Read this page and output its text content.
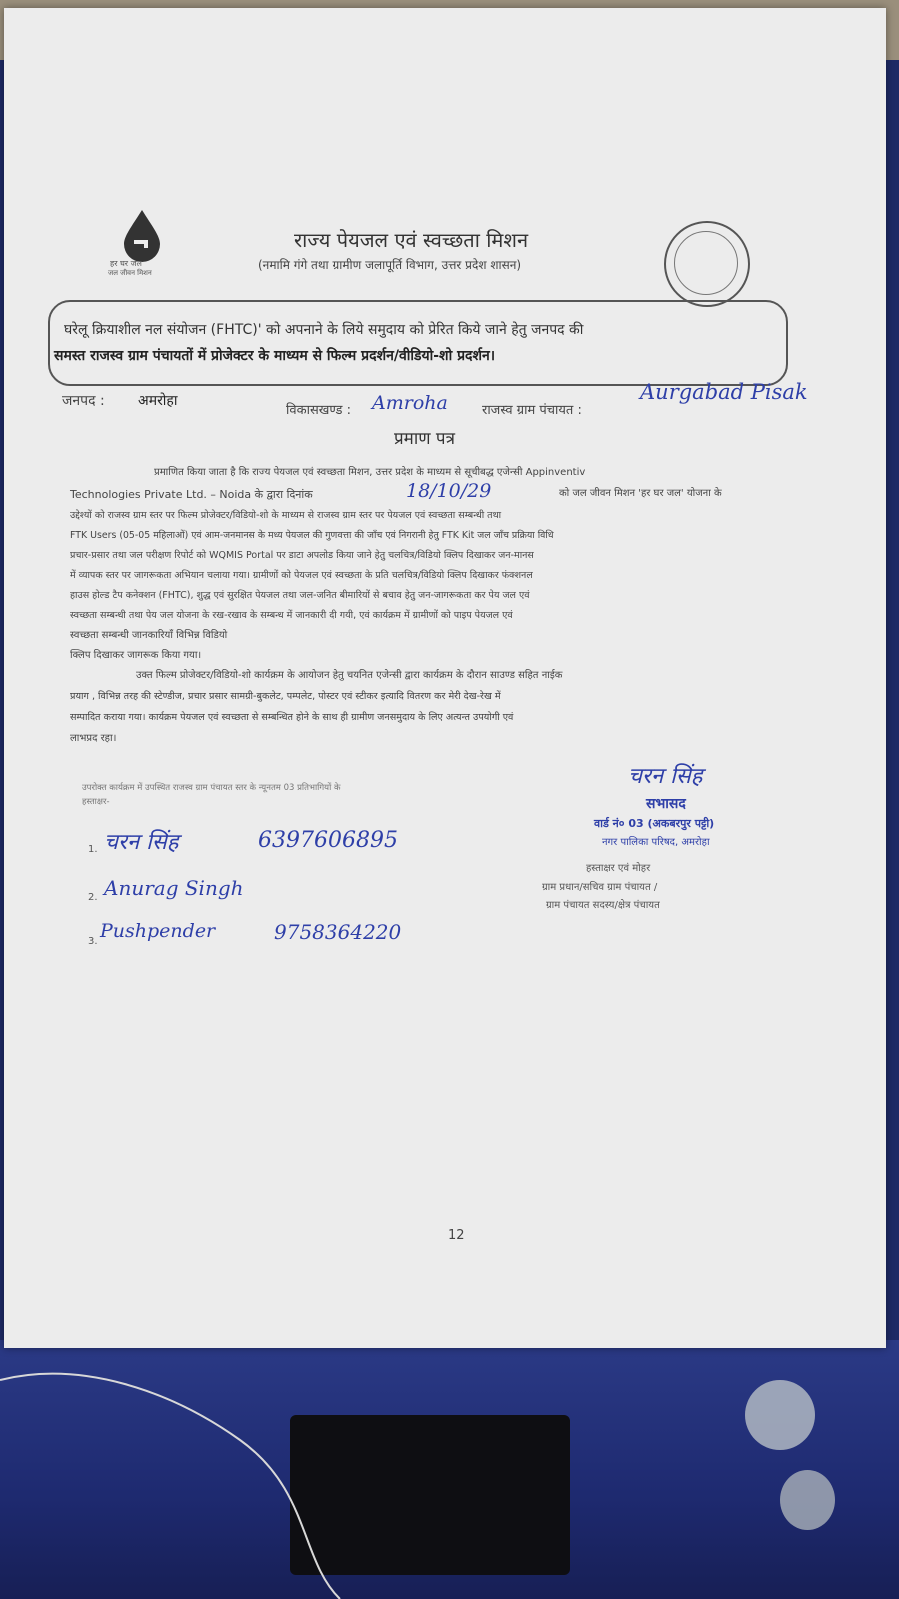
हर घर जल
जल जीवन मिशन
राज्य पेयजल एवं स्वच्छता मिशन
(नमामि गंगे तथा ग्रामीण जलापूर्ति विभाग, उत्तर प्रदेश शासन)
घरेलू क्रियाशील नल संयोजन (FHTC)' को अपनाने के लिये समुदाय को प्रेरित किये जाने हेतु जनपद की
समस्त राजस्व ग्राम पंचायतों में प्रोजेक्टर के माध्यम से फिल्म प्रदर्शन/वीडियो-शो प्रदर्शन।
जनपद : अमरोहा
विकासखण्ड : Amroha	राजस्व ग्राम पंचायत :
Aurgabad Pisak
प्रमाण पत्र
प्रमाणित किया जाता है कि राज्य पेयजल एवं स्वच्छता मिशन, उत्तर प्रदेश के माध्यम से सूचीबद्ध एजेन्सी Appinventiv
Technologies Private Ltd. – Noida के द्वारा दिनांक	18/10/29	को जल जीवन मिशन 'हर घर जल' योजना के
उद्देश्यों को राजस्व ग्राम स्तर पर फिल्म प्रोजेक्टर/विडियो-शो के माध्यम से राजस्व ग्राम स्तर पर पेयजल एवं स्वच्छता सम्बन्धी तथा
FTK Users (05-05 महिलाओं) एवं आम-जनमानस के मध्य पेयजल की गुणवत्ता की जाँच एवं निगरानी हेतु FTK Kit जल जाँच प्रक्रिया विधि
प्रचार-प्रसार तथा जल परीक्षण रिपोर्ट को WQMIS Portal पर डाटा अपलोड किया जाने हेतु चलचित्र/विडियो क्लिप दिखाकर जन-मानस
में व्यापक स्तर पर जागरूकता अभियान चलाया गया। ग्रामीणों को पेयजल एवं स्वच्छता के प्रति चलचित्र/विडियो क्लिप दिखाकर फंक्शनल
हाउस होल्ड टैप कनेक्शन (FHTC), शुद्ध एवं सुरक्षित पेयजल तथा जल-जनित बीमारियों से बचाव हेतु जन-जागरूकता कर पेय जल एवं
स्वच्छता सम्बन्धी तथा पेय जल योजना के रख-रखाव के सम्बन्ध में जानकारी दी गयी, एवं कार्यक्रम में ग्रामीणों को पाइप पेयजल एवं
स्वच्छता सम्बन्धी जानकारियाँ विभिन्न विडियो
क्लिप दिखाकर जागरूक किया गया।
उक्त फिल्म प्रोजेक्टर/विडियो-शो कार्यक्रम के आयोजन हेतु चयनित एजेन्सी द्वारा कार्यक्रम के दौरान साउण्ड सहित नाईक
प्रयाग , विभिन्न तरह की स्टेण्डीज, प्रचार प्रसार सामग्री-बुकलेट, पम्पलेट, पोस्टर एवं स्टीकर इत्यादि वितरण कर मेरी देख-रेख में
सम्पादित कराया गया। कार्यक्रम पेयजल एवं स्वच्छता से सम्बन्धित होने के साथ ही ग्रामीण जनसमुदाय के लिए अत्यन्त उपयोगी एवं
लाभप्रद रहा।
उपरोक्त कार्यक्रम में उपस्थित राजस्व ग्राम पंचायत स्तर के न्यूनतम 03 प्रतिभागियों के
हस्ताक्षर-
1. चरन सिंह	6397606895
2. Anurag Singh
3. Pushpender	9758364220
चरन सिंह
सभासद
वार्ड नं० 03 (अकबरपुर पट्टी)
नगर पालिका परिषद, अमरोहा
हस्ताक्षर एवं मोहर
ग्राम प्रधान/सचिव ग्राम पंचायत /
ग्राम पंचायत सदस्य/क्षेत्र पंचायत
12
